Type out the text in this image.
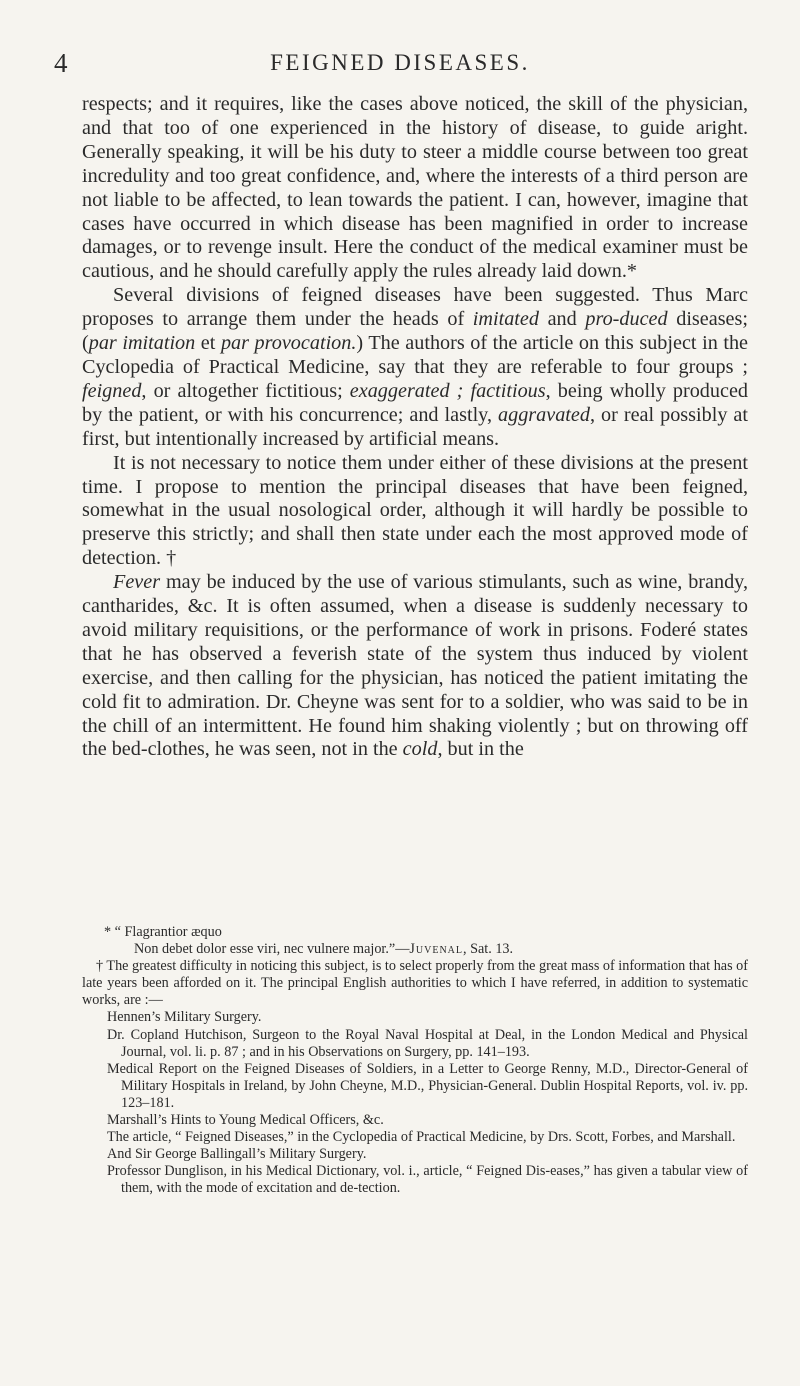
4	FEIGNED DISEASES.

respects; and it requires, like the cases above noticed, the skill of the physician, and that too of one experienced in the history of disease, to guide aright. Generally speaking, it will be his duty to steer a middle course between too great incredulity and too great confidence, and, where the interests of a third person are not liable to be affected, to lean towards the patient. I can, however, imagine that cases have occurred in which disease has been magnified in order to increase damages, or to revenge insult. Here the conduct of the medical examiner must be cautious, and he should carefully apply the rules already laid down.*

Several divisions of feigned diseases have been suggested. Thus Marc proposes to arrange them under the heads of imitated and pro-duced diseases; (par imitation et par provocation.) The authors of the article on this subject in the Cyclopedia of Practical Medicine, say that they are referable to four groups ; feigned, or altogether fictitious; exaggerated ; factitious, being wholly produced by the patient, or with his concurrence; and lastly, aggravated, or real possibly at first, but intentionally increased by artificial means.

It is not necessary to notice them under either of these divisions at the present time. I propose to mention the principal diseases that have been feigned, somewhat in the usual nosological order, although it will hardly be possible to preserve this strictly; and shall then state under each the most approved mode of detection. †

Fever may be induced by the use of various stimulants, such as wine, brandy, cantharides, &c. It is often assumed, when a disease is suddenly necessary to avoid military requisitions, or the performance of work in prisons. Foderé states that he has observed a feverish state of the system thus induced by violent exercise, and then calling for the physician, has noticed the patient imitating the cold fit to admiration. Dr. Cheyne was sent for to a soldier, who was said to be in the chill of an intermittent. He found him shaking violently ; but on throwing off the bed-clothes, he was seen, not in the cold, but in the

* “ Flagrantior æquo

Non debet dolor esse viri, nec vulnere major.”—Juvenal, Sat. 13.

† The greatest difficulty in noticing this subject, is to select properly from the great mass of information that has of late years been afforded on it. The principal English authorities to which I have referred, in addition to systematic works, are :—

Hennen’s Military Surgery.

Dr. Copland Hutchison, Surgeon to the Royal Naval Hospital at Deal, in the London Medical and Physical Journal, vol. li. p. 87 ; and in his Observations on Surgery, pp. 141–193.

Medical Report on the Feigned Diseases of Soldiers, in a Letter to George Renny, M.D., Director-General of Military Hospitals in Ireland, by John Cheyne, M.D., Physician-General. Dublin Hospital Reports, vol. iv. pp. 123–181.

Marshall’s Hints to Young Medical Officers, &c.

The article, “ Feigned Diseases,” in the Cyclopedia of Practical Medicine, by Drs. Scott, Forbes, and Marshall.

And Sir George Ballingall’s Military Surgery.

Professor Dunglison, in his Medical Dictionary, vol. i., article, “ Feigned Dis-eases,” has given a tabular view of them, with the mode of excitation and de-tection.
